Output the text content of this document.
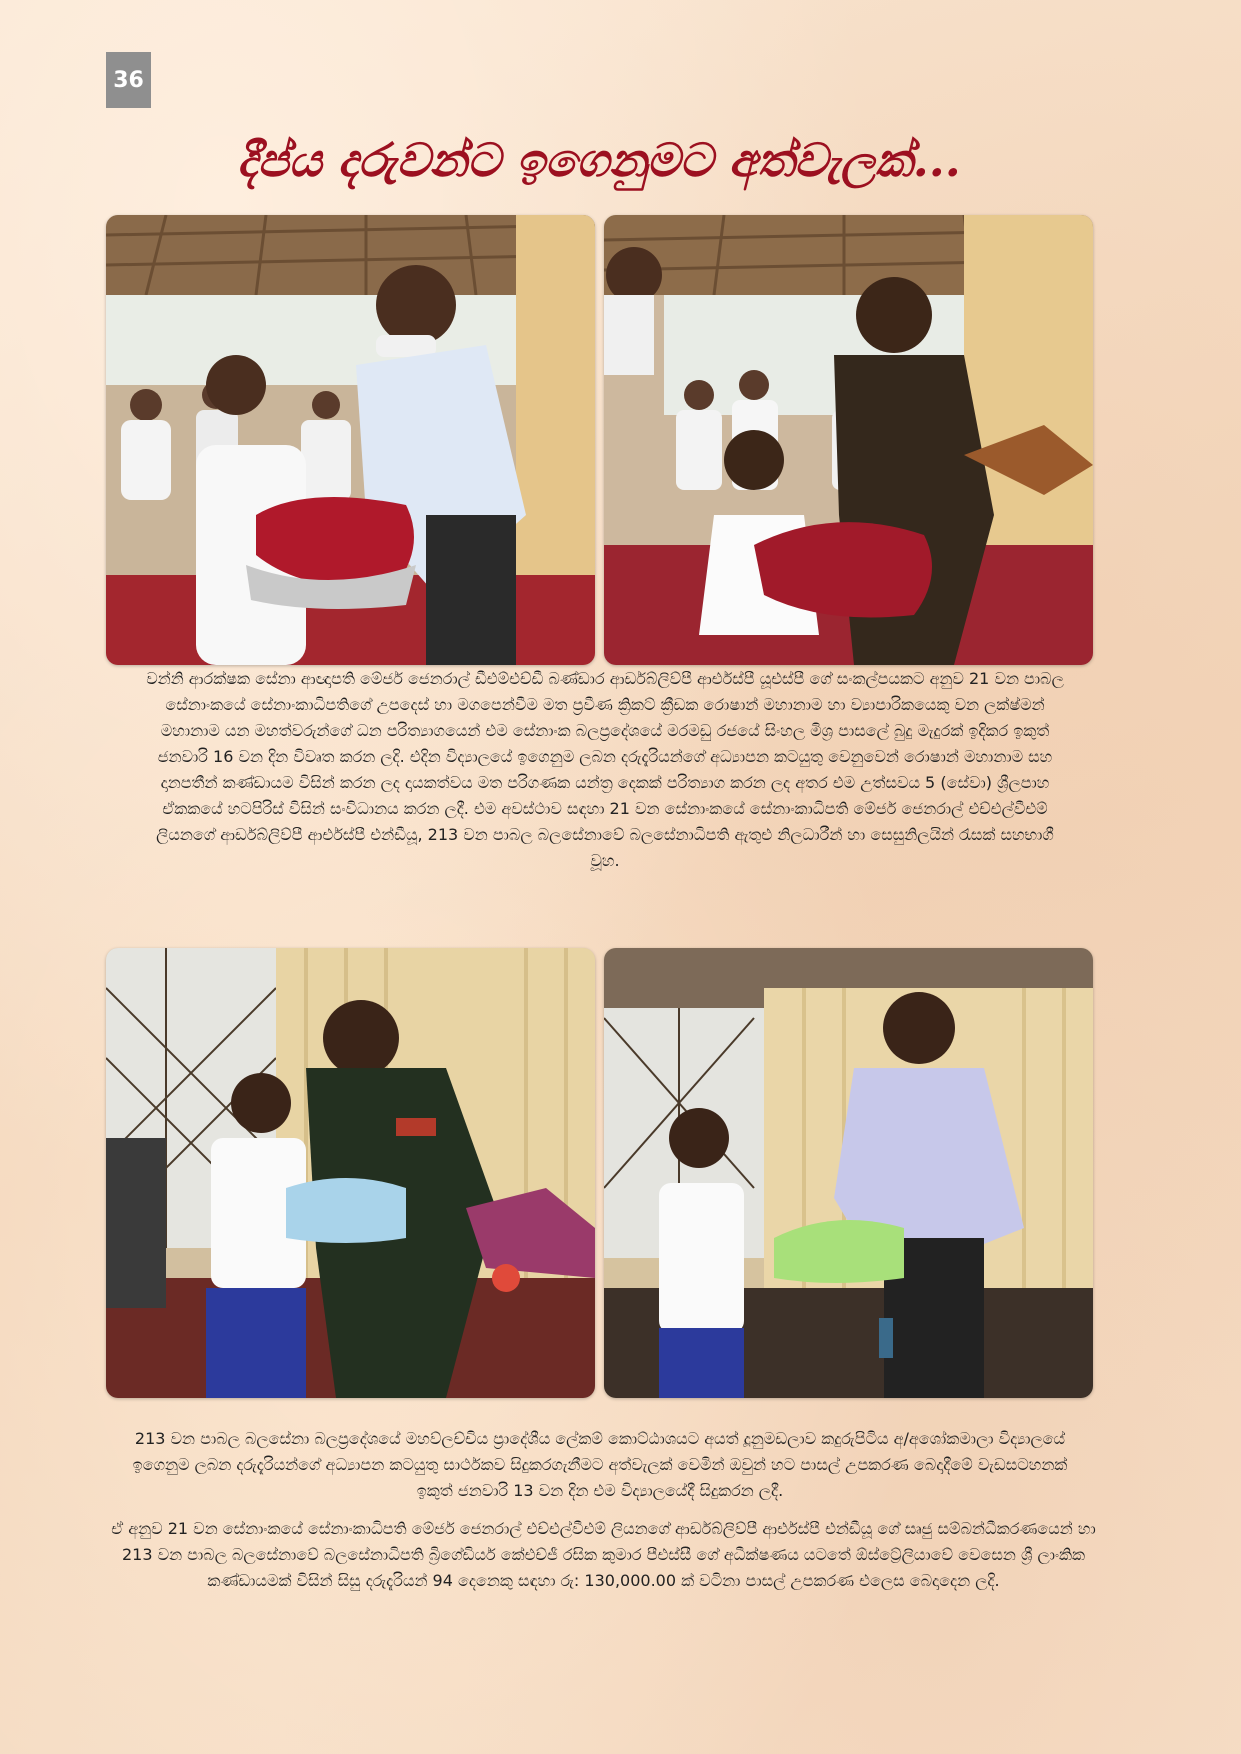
36
දීප්ය දරුවන්ට ඉගෙනුමට අත්වැලක්...
වන්නි ආරක්ෂක සේනා ආඥාපති මේජර් ජෙනරාල් ඩීඑම්එච්ඩී බණ්ඩාර ආර්ඩබ්ලිව්පී ආර්එස්පී යූඑස්පී ගේ සංකල්පයකට අනුව 21 වන පාබල සේනාංකයේ සේනාංකාධිපතිගේ උපදෙස් හා මගපෙන්වීම මත ප්‍රවීණ ක්‍රිකට් ක්‍රීඩක රොෂාන් මහානාම හා ව්‍යාපාරිකයෙකු වන ලක්ෂ්මන් මහානාම යන මහත්වරුන්ගේ ධන පරිත්‍යාගයෙන් එම සේනාංක බලප්‍රදේශයේ මරමඩු රජයේ සිංහල මිශ්‍ර පාසලේ බුදු මැදුරක් ඉදිකර ඉකුත් ජනවාරි 16 වන දින විවෘත කරන ලදි. එදින විද්‍යාලයේ ඉගෙනුම ලබන දරුදැරියන්ගේ අධ්‍යාපන කටයුතු වෙනුවෙන් රොෂාන් මහානාම සහ දානපතීන් කණ්ඩායම විසින් කරන ලද දායකත්වය මත පරිගණක යන්ත්‍ර දෙකක් පරිත්‍යාග කරන ලද අතර එම උත්සවය 5 (සේවා) ශ්‍රීලපාහ ඒකකයේ හටපිරිස් විසින් සංවිධානය කරන ලදී. එම අවස්ථාව සඳහා 21 වන සේනාංකයේ සේනාංකාධිපති මේජර් ජෙනරාල් එච්එල්වීඑම් ලියනගේ ආර්ඩබ්ලිව්පී ආර්එස්පී එන්ඩීයූ, 213 වන පාබල බලසේනාවේ බලසේනාධිපති ඇතුළු නිලධාරීන් හා සෙසුනිලයින් රැසක් සහභාගී වූහ.
213 වන පාබල බලසේනා බලප්‍රදේශයේ මහව්ලච්චිය ප්‍රාදේශීය ලේකම් කොට්ඨාශයට අයත් දූනුමඩලාව කදුරුපිටිය අ/අශෝකමාලා විද්‍යාලයේ ඉගෙනුම ලබන දරුදැරියන්ගේ අධ්‍යාපන කටයුතු සාර්ථකව සිදුකරගැනීමට අත්වැලක් වෙමින් ඔවුන් හට පාසල් උපකරණ බෙදාදීමේ වැඩසටහනක් ඉකුත් ජනවාරි 13 වන දින එම විද්‍යාලයේදී සිදුකරන ලදී.
ඒ අනුව 21 වන සේනාංකයේ සේනාංකාධිපති මේජර් ජෙනරාල් එච්එල්වීඑම් ලියනගේ ආර්ඩබ්ලිව්පී ආර්එස්පී එන්ඩීයූ ගේ සෘජු සම්බන්ධීකරණයෙන් හා 213 වන පාබල බලසේනාවේ බලසේනාධිපති බ්‍රිගේඩියර් කේඑච්ජී රසික කුමාර පීඑස්සී ගේ අධීක්ෂණය යටතේ ඕස්ට්‍රේලියාවේ වෙසෙන ශ්‍රී ලාංකික කණ්ඩායමක් විසින් සිසු දරුදැරියන් 94 දෙනෙකු සඳහා රු: 130,000.00 ක් වටිනා පාසල් උපකරණ එලෙස බෙදාදෙන ලදි.
